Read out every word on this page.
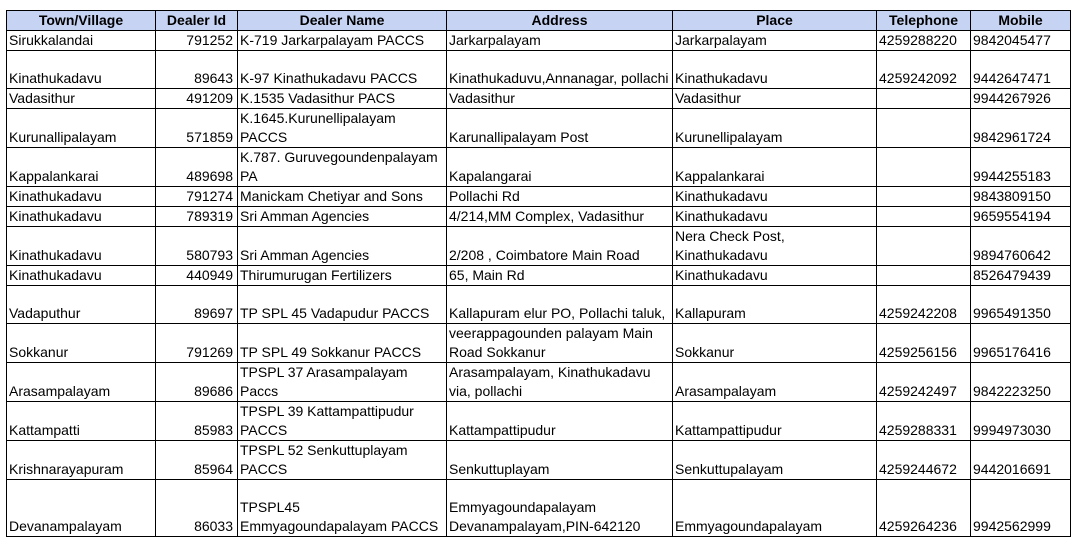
Town/Village	Dealer Id	Dealer Name	Address	Place	Telephone	Mobile
Sirukkalandai	791252	K-719 Jarkarpalayam PACCS	Jarkarpalayam	Jarkarpalayam	4259288220	9842045477
Kinathukadavu	89643	K-97 Kinathukadavu PACCS	Kinathukaduvu,Annanagar, pollachi	Kinathukadavu	4259242092	9442647471
Vadasithur	491209	K.1535 Vadasithur PACS	Vadasithur	Vadasithur		9944267926
Kurunallipalayam	571859	K.1645.Kurunellipalayam PACCS	Karunallipalayam Post	Kurunellipalayam		9842961724
Kappalankarai	489698	K.787. Guruvegoundenpalayam PA	Kapalangarai	Kappalankarai		9944255183
Kinathukadavu	791274	Manickam Chetiyar and Sons	Pollachi Rd	Kinathukadavu		9843809150
Kinathukadavu	789319	Sri Amman Agencies	4/214,MM Complex, Vadasithur	Kinathukadavu		9659554194
Kinathukadavu	580793	Sri Amman Agencies	2/208 , Coimbatore Main Road	Nera Check Post, Kinathukadavu		9894760642
Kinathukadavu	440949	Thirumurugan Fertilizers	65, Main Rd	Kinathukadavu		8526479439
Vadaputhur	89697	TP SPL 45 Vadapudur PACCS	Kallapuram elur PO, Pollachi taluk,	Kallapuram	4259242208	9965491350
Sokkanur	791269	TP SPL 49 Sokkanur PACCS	veerappagounden palayam Main Road Sokkanur	Sokkanur	4259256156	9965176416
Arasampalayam	89686	TPSPL 37 Arasampalayam Paccs	Arasampalayam, Kinathukadavu via, pollachi	Arasampalayam	4259242497	9842223250
Kattampatti	85983	TPSPL 39 Kattampattipudur PACCS	Kattampattipudur	Kattampattipudur	4259288331	9994973030
Krishnarayapuram	85964	TPSPL 52 Senkuttuplayam PACCS	Senkuttuplayam	Senkuttupalayam	4259244672	9442016691
Devanampalayam	86033	TPSPL45 Emmyagoundapalayam PACCS	Emmyagoundapalayam Devanampalayam,PIN-642120	Emmyagoundapalayam	4259264236	9942562999
